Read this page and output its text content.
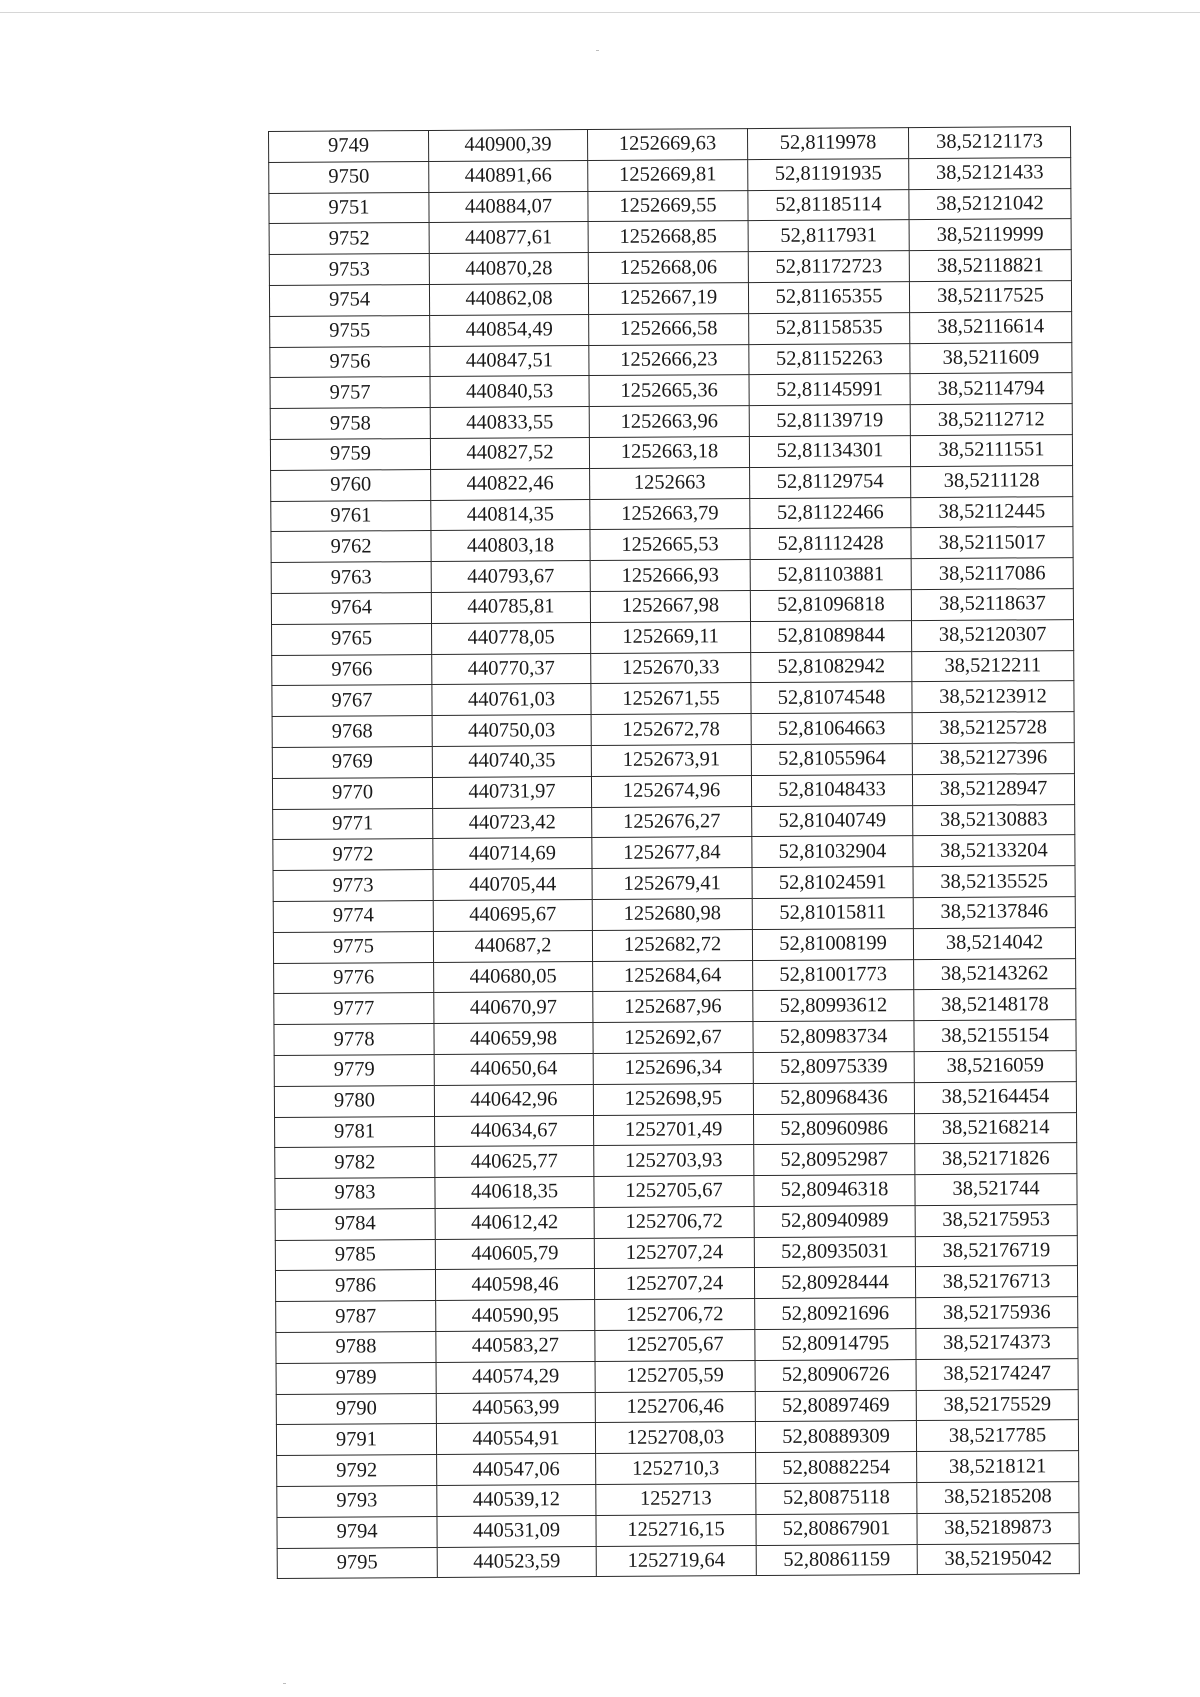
9749	440900,39	1252669,63	52,8119978	38,52121173
9750	440891,66	1252669,81	52,81191935	38,52121433
9751	440884,07	1252669,55	52,81185114	38,52121042
9752	440877,61	1252668,85	52,8117931	38,52119999
9753	440870,28	1252668,06	52,81172723	38,52118821
9754	440862,08	1252667,19	52,81165355	38,52117525
9755	440854,49	1252666,58	52,81158535	38,52116614
9756	440847,51	1252666,23	52,81152263	38,5211609
9757	440840,53	1252665,36	52,81145991	38,52114794
9758	440833,55	1252663,96	52,81139719	38,52112712
9759	440827,52	1252663,18	52,81134301	38,52111551
9760	440822,46	1252663	52,81129754	38,5211128
9761	440814,35	1252663,79	52,81122466	38,52112445
9762	440803,18	1252665,53	52,81112428	38,52115017
9763	440793,67	1252666,93	52,81103881	38,52117086
9764	440785,81	1252667,98	52,81096818	38,52118637
9765	440778,05	1252669,11	52,81089844	38,52120307
9766	440770,37	1252670,33	52,81082942	38,5212211
9767	440761,03	1252671,55	52,81074548	38,52123912
9768	440750,03	1252672,78	52,81064663	38,52125728
9769	440740,35	1252673,91	52,81055964	38,52127396
9770	440731,97	1252674,96	52,81048433	38,52128947
9771	440723,42	1252676,27	52,81040749	38,52130883
9772	440714,69	1252677,84	52,81032904	38,52133204
9773	440705,44	1252679,41	52,81024591	38,52135525
9774	440695,67	1252680,98	52,81015811	38,52137846
9775	440687,2	1252682,72	52,81008199	38,5214042
9776	440680,05	1252684,64	52,81001773	38,52143262
9777	440670,97	1252687,96	52,80993612	38,52148178
9778	440659,98	1252692,67	52,80983734	38,52155154
9779	440650,64	1252696,34	52,80975339	38,5216059
9780	440642,96	1252698,95	52,80968436	38,52164454
9781	440634,67	1252701,49	52,80960986	38,52168214
9782	440625,77	1252703,93	52,80952987	38,52171826
9783	440618,35	1252705,67	52,80946318	38,521744
9784	440612,42	1252706,72	52,80940989	38,52175953
9785	440605,79	1252707,24	52,80935031	38,52176719
9786	440598,46	1252707,24	52,80928444	38,52176713
9787	440590,95	1252706,72	52,80921696	38,52175936
9788	440583,27	1252705,67	52,80914795	38,52174373
9789	440574,29	1252705,59	52,80906726	38,52174247
9790	440563,99	1252706,46	52,80897469	38,52175529
9791	440554,91	1252708,03	52,80889309	38,5217785
9792	440547,06	1252710,3	52,80882254	38,5218121
9793	440539,12	1252713	52,80875118	38,52185208
9794	440531,09	1252716,15	52,80867901	38,52189873
9795	440523,59	1252719,64	52,80861159	38,52195042
